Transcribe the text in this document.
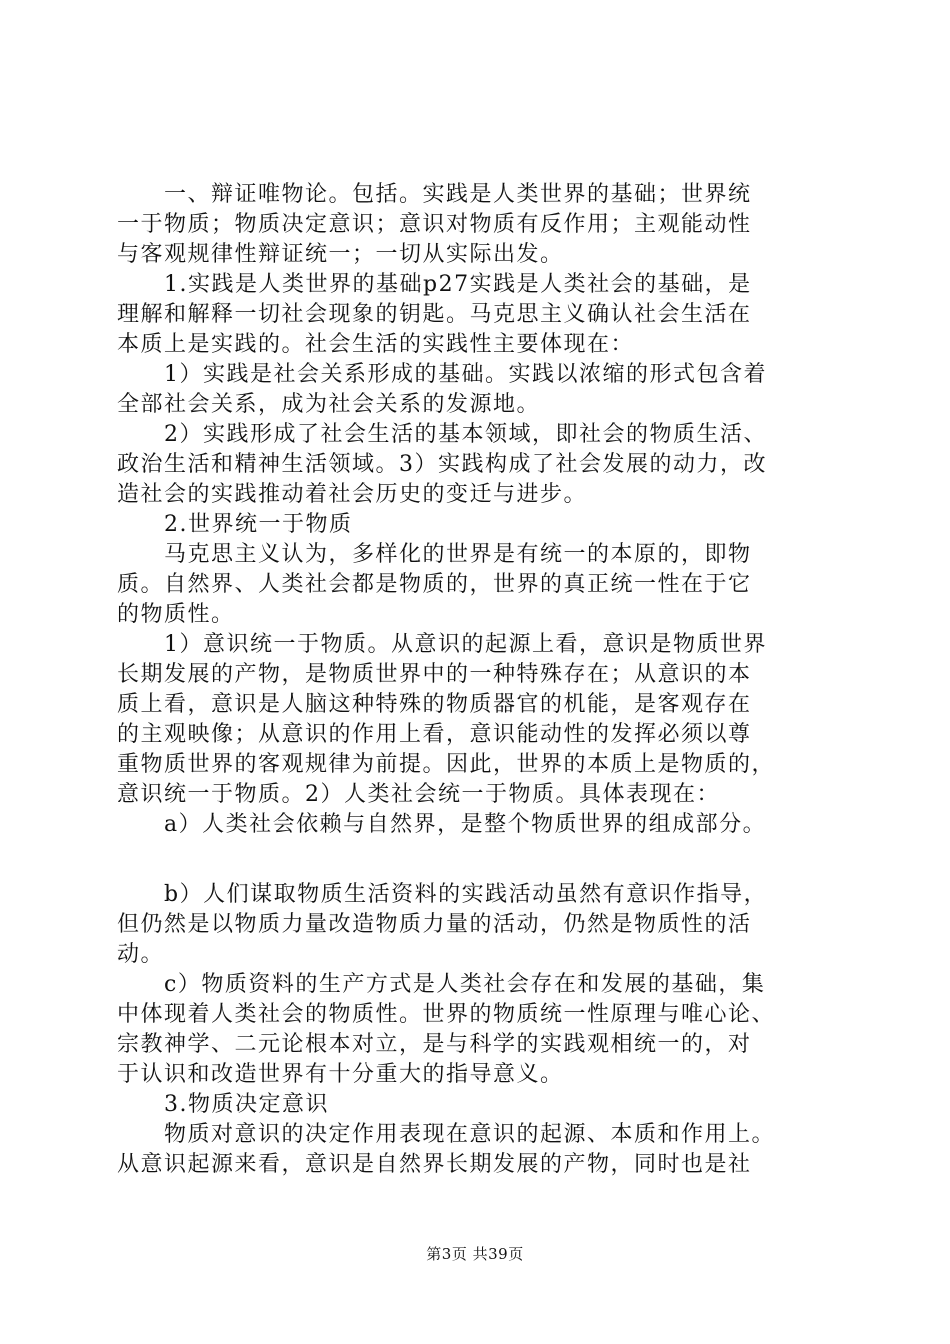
　　一、辩证唯物论。包括。实践是人类世界的基础；世界统
一于物质；物质决定意识；意识对物质有反作用；主观能动性
与客观规律性辩证统一；一切从实际出发。
　　1.实践是人类世界的基础p27实践是人类社会的基础，是
理解和解释一切社会现象的钥匙。马克思主义确认社会生活在
本质上是实践的。社会生活的实践性主要体现在：
　　1）实践是社会关系形成的基础。实践以浓缩的形式包含着
全部社会关系，成为社会关系的发源地。
　　2）实践形成了社会生活的基本领域，即社会的物质生活、
政治生活和精神生活领域。3）实践构成了社会发展的动力，改
造社会的实践推动着社会历史的变迁与进步。
　　2.世界统一于物质
　　马克思主义认为，多样化的世界是有统一的本原的，即物
质。自然界、人类社会都是物质的，世界的真正统一性在于它
的物质性。
　　1）意识统一于物质。从意识的起源上看，意识是物质世界
长期发展的产物，是物质世界中的一种特殊存在；从意识的本
质上看，意识是人脑这种特殊的物质器官的机能，是客观存在
的主观映像；从意识的作用上看，意识能动性的发挥必须以尊
重物质世界的客观规律为前提。因此，世界的本质上是物质的，
意识统一于物质。2）人类社会统一于物质。具体表现在：
　　a）人类社会依赖与自然界，是整个物质世界的组成部分。
　　b）人们谋取物质生活资料的实践活动虽然有意识作指导，
但仍然是以物质力量改造物质力量的活动，仍然是物质性的活
动。
　　c）物质资料的生产方式是人类社会存在和发展的基础，集
中体现着人类社会的物质性。世界的物质统一性原理与唯心论、
宗教神学、二元论根本对立，是与科学的实践观相统一的，对
于认识和改造世界有十分重大的指导意义。
　　3.物质决定意识
　　物质对意识的决定作用表现在意识的起源、本质和作用上。
从意识起源来看，意识是自然界长期发展的产物，同时也是社
第3页 共39页
